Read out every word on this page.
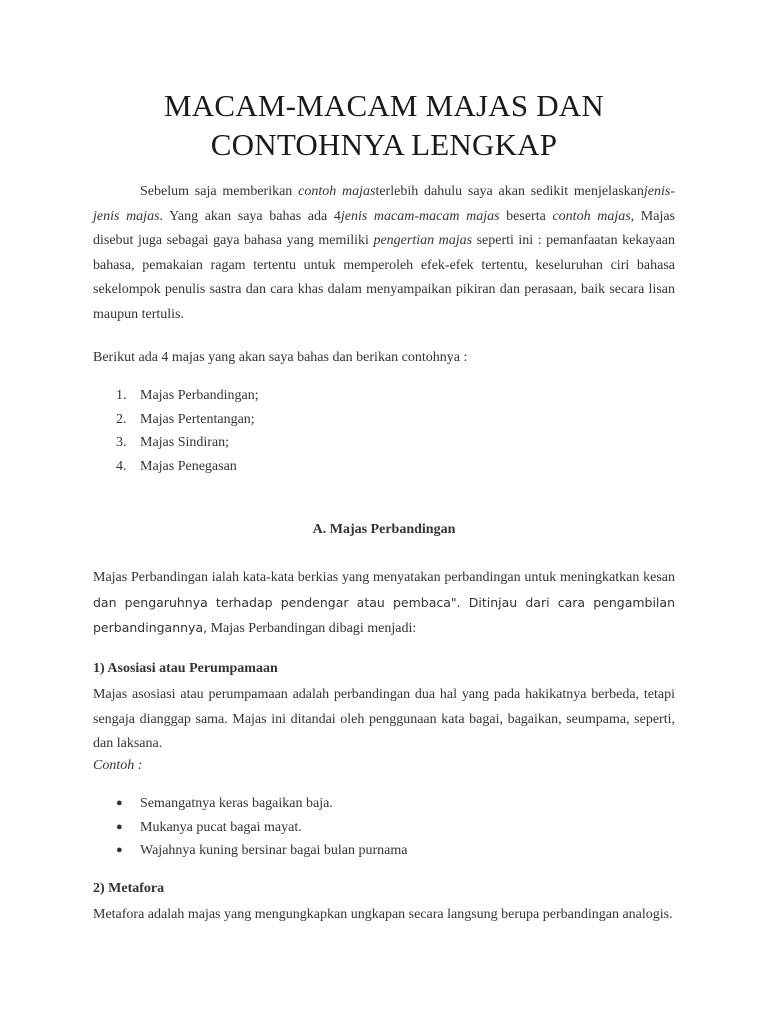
MACAM-MACAM MAJAS DAN
CONTOHNYA LENGKAP

Sebelum saja memberikan contoh majasterlebih dahulu saya akan sedikit menjelaskanjenis-jenis majas. Yang akan saya bahas ada 4jenis macam-macam majas beserta contoh majas, Majas disebut juga sebagai gaya bahasa yang memiliki pengertian majas seperti ini : pemanfaatan kekayaan bahasa, pemakaian ragam tertentu untuk memperoleh efek-efek tertentu, keseluruhan ciri bahasa sekelompok penulis sastra dan cara khas dalam menyampaikan pikiran dan perasaan, baik secara lisan maupun tertulis.

Berikut ada 4 majas yang akan saya bahas dan berikan contohnya :

1. Majas Perbandingan;
2. Majas Pertentangan;
3. Majas Sindiran;
4. Majas Penegasan
A. Majas Perbandingan

Majas Perbandingan ialah kata-kata berkias yang menyatakan perbandingan untuk meningkatkan kesan dan pengaruhnya terhadap pendengar atau pembaca". Ditinjau dari cara pengambilan perbandingannya, Majas Perbandingan dibagi menjadi:

1) Asosiasi atau Perumpamaan

Majas asosiasi atau perumpamaan adalah perbandingan dua hal yang pada hakikatnya berbeda, tetapi sengaja dianggap sama. Majas ini ditandai oleh penggunaan kata bagai, bagaikan, seumpama, seperti, dan laksana.

Contoh :

● Semangatnya keras bagaikan baja.
● Mukanya pucat bagai mayat.
● Wajahnya kuning bersinar bagai bulan purnama
2) Metafora

Metafora adalah majas yang mengungkapkan ungkapan secara langsung berupa perbandingan analogis.
